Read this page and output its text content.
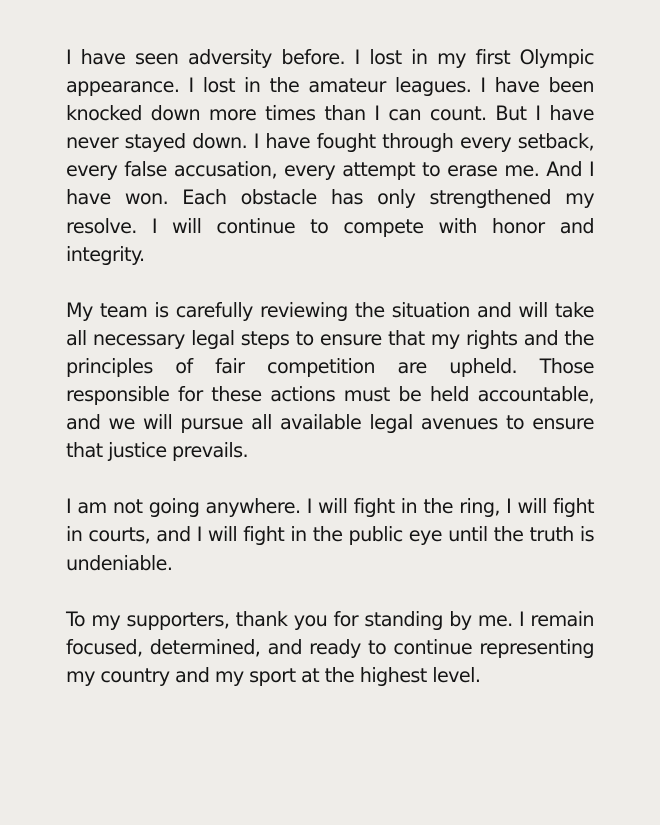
I have seen adversity before. I lost in my first Olympic appearance. I lost in the amateur leagues. I have been knocked down more times than I can count. But I have never stayed down. I have fought through every setback, every false accusation, every attempt to erase me. And I have won. Each obstacle has only strengthened my resolve. I will continue to compete with honor and integrity.

My team is carefully reviewing the situation and will take all necessary legal steps to ensure that my rights and the principles of fair competition are upheld. Those responsible for these actions must be held accountable, and we will pursue all available legal avenues to ensure that justice prevails.

I am not going anywhere. I will fight in the ring, I will fight in courts, and I will fight in the public eye until the truth is undeniable.

To my supporters, thank you for standing by me. I remain focused, determined, and ready to continue representing my country and my sport at the highest level.
